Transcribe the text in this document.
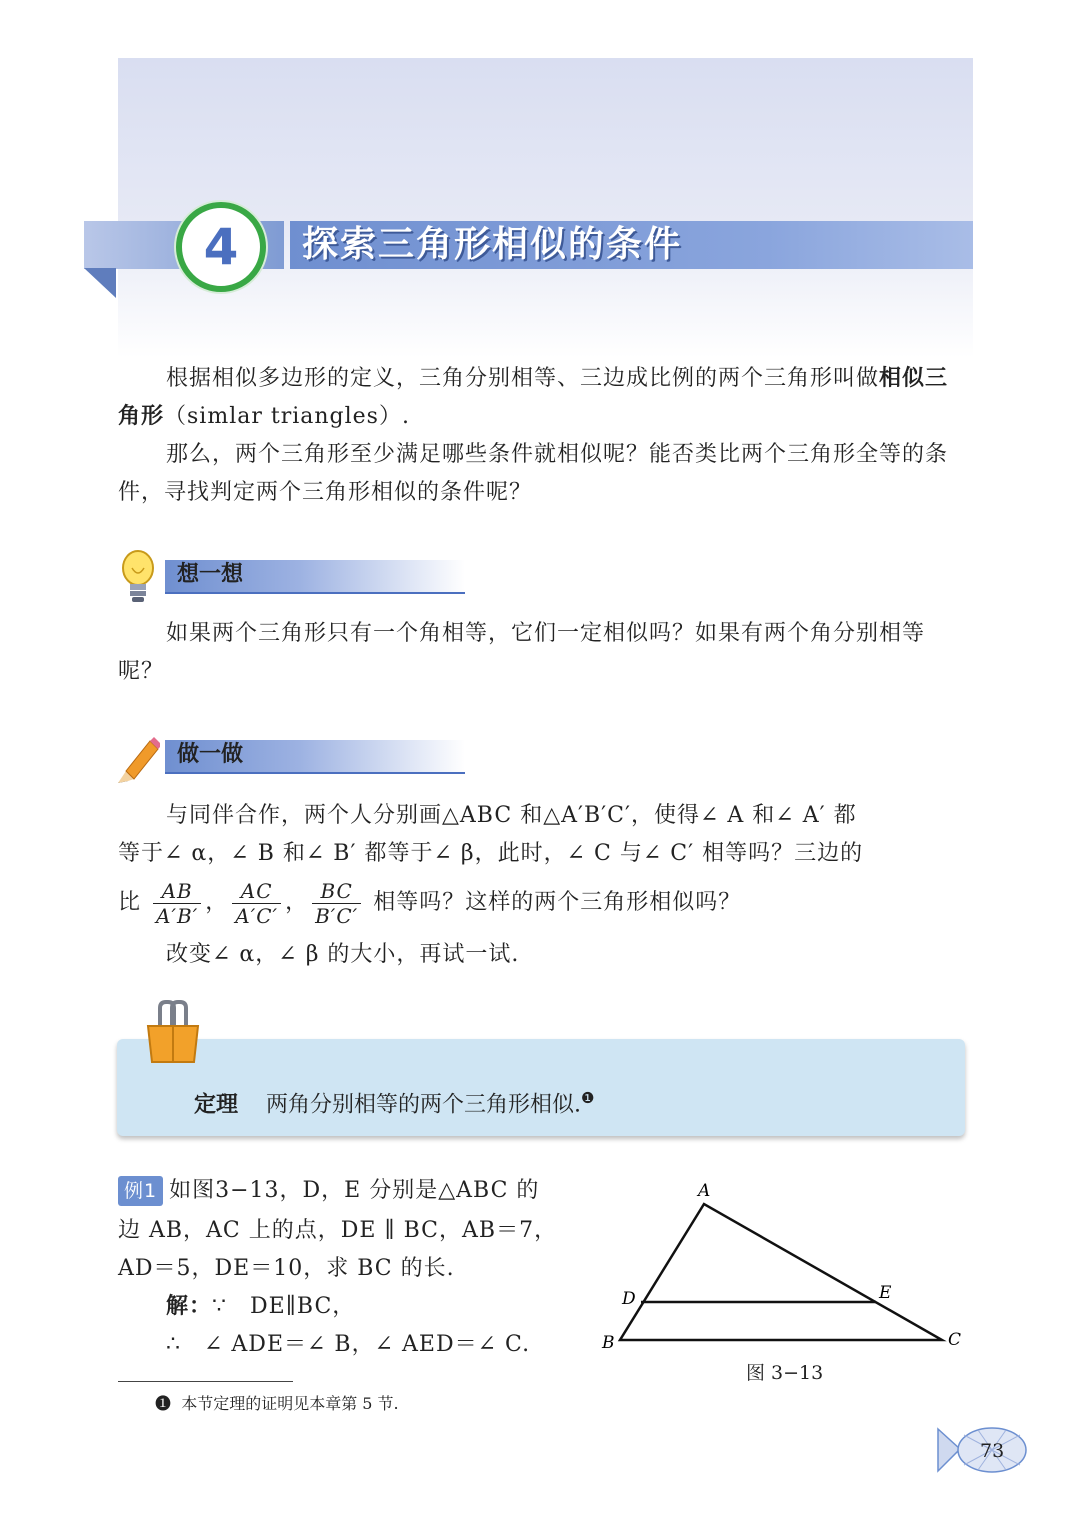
4	探索三角形相似的条件
根据相似多边形的定义，三角分别相等、三边成比例的两个三角形叫做相似三角形（simlar triangles）.
那么，两个三角形至少满足哪些条件就相似呢？能否类比两个三角形全等的条件，寻找判定两个三角形相似的条件呢？
想一想
如果两个三角形只有一个角相等，它们一定相似吗？如果有两个角分别相等呢？
做一做
与同伴合作，两个人分别画△ABC 和△A′B′C′，使得∠ A 和∠ A′ 都
等于∠ α，∠ B 和∠ B′ 都等于∠ β，此时，∠ C 与∠ C′ 相等吗？三边的
比 $\frac{AB}{A'B'}$ ， $\frac{AC}{A'C'}$ ， $\frac{BC}{B'C'}$ 相等吗？这样的两个三角形相似吗？
改变∠ α，∠ β 的大小，再试一试.
定理 两角分别相等的两个三角形相似.$^❶$
例1 如图3−13，D，E 分别是△ABC 的
边 AB，AC 上的点，DE ∥ BC，AB＝7，
AD＝5，DE＝10，求 BC 的长.
解：∵　DE∥BC，
∴　∠ ADE＝∠ B，∠ AED＝∠ C.
A
B	C
D	E
图 3−13
❶ 本节定理的证明见本章第 5 节.
73
